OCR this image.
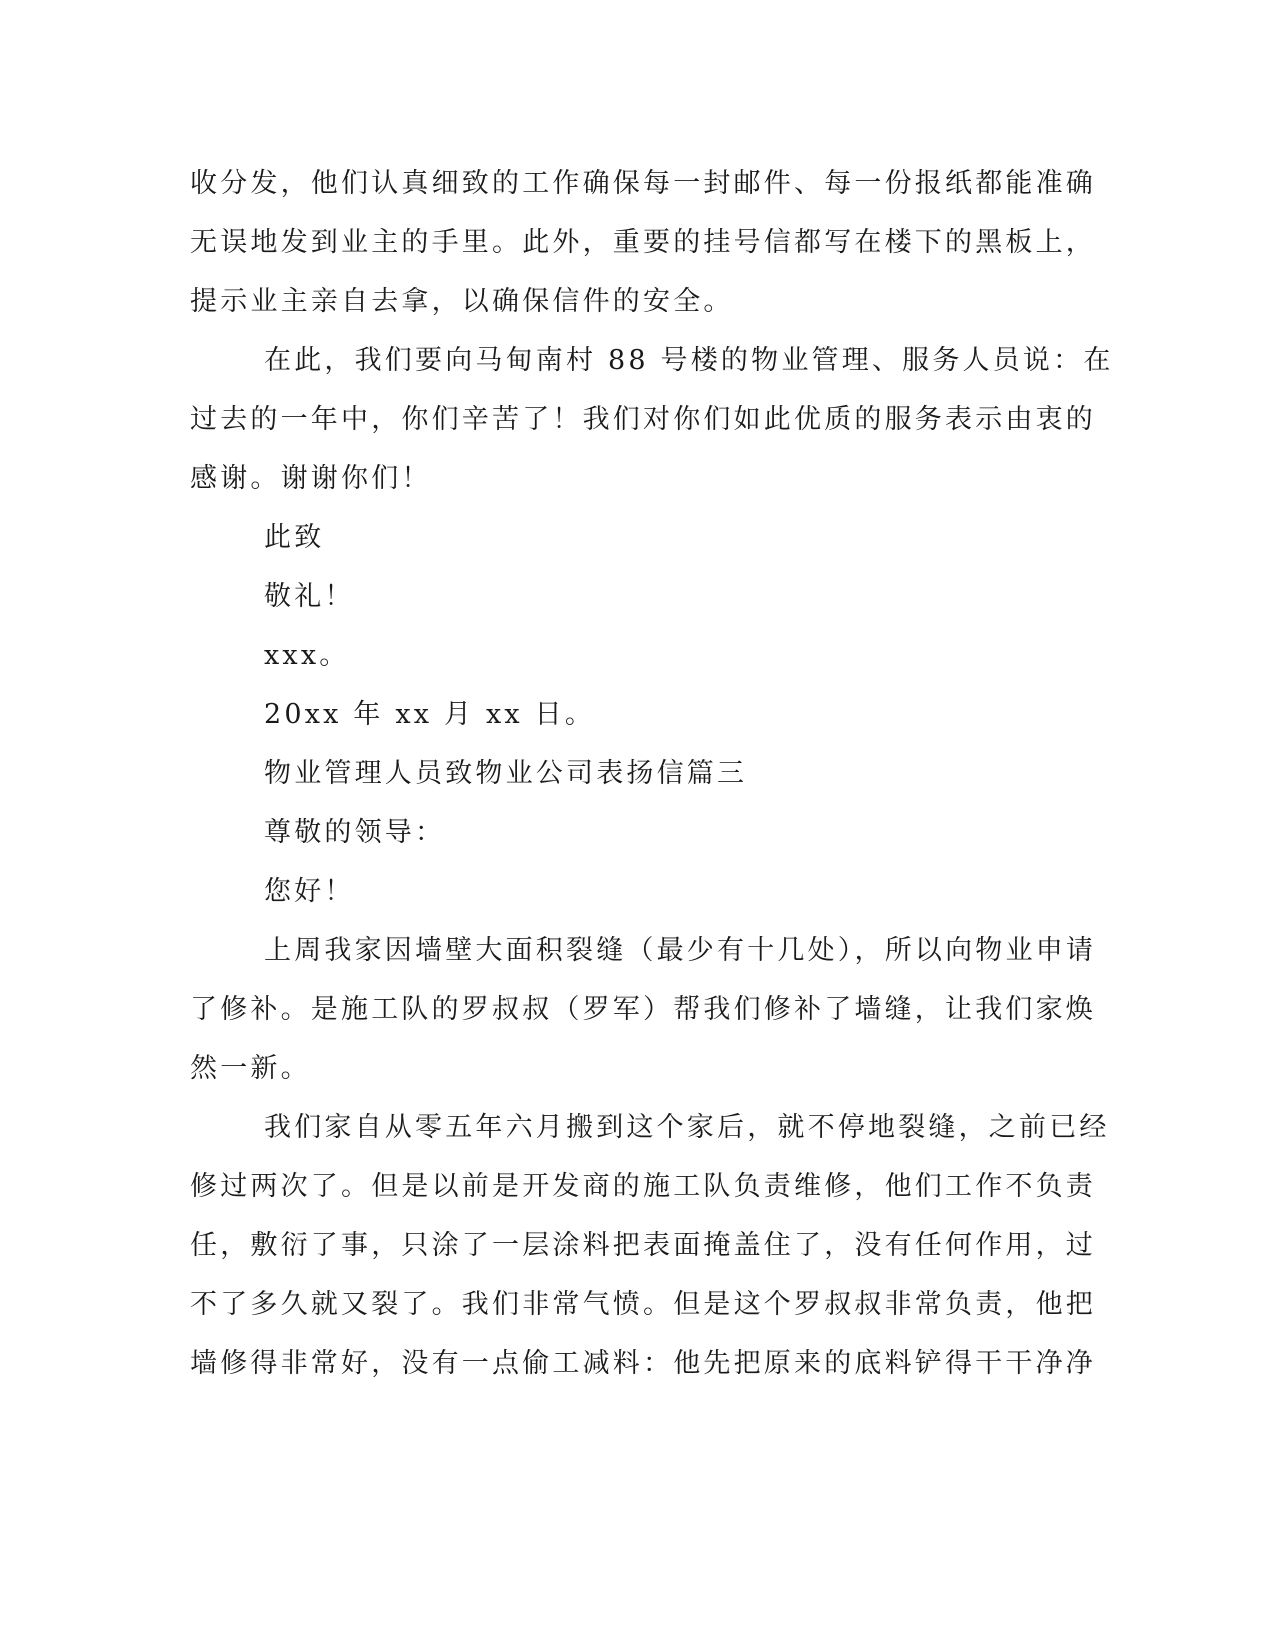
收分发，他们认真细致的工作确保每一封邮件、每一份报纸都能准确
无误地发到业主的手里。此外，重要的挂号信都写在楼下的黑板上，
提示业主亲自去拿，以确保信件的安全。
在此，我们要向马甸南村 88 号楼的物业管理、服务人员说：在
过去的一年中，你们辛苦了！我们对你们如此优质的服务表示由衷的
感谢。谢谢你们！
此致
敬礼！
xxx。
20xx 年 xx 月 xx 日。
物业管理人员致物业公司表扬信篇三
尊敬的领导：
您好！
上周我家因墙壁大面积裂缝（最少有十几处），所以向物业申请
了修补。是施工队的罗叔叔（罗军）帮我们修补了墙缝，让我们家焕
然一新。
我们家自从零五年六月搬到这个家后，就不停地裂缝，之前已经
修过两次了。但是以前是开发商的施工队负责维修，他们工作不负责
任，敷衍了事，只涂了一层涂料把表面掩盖住了，没有任何作用，过
不了多久就又裂了。我们非常气愤。但是这个罗叔叔非常负责，他把
墙修得非常好，没有一点偷工减料：他先把原来的底料铲得干干净净
